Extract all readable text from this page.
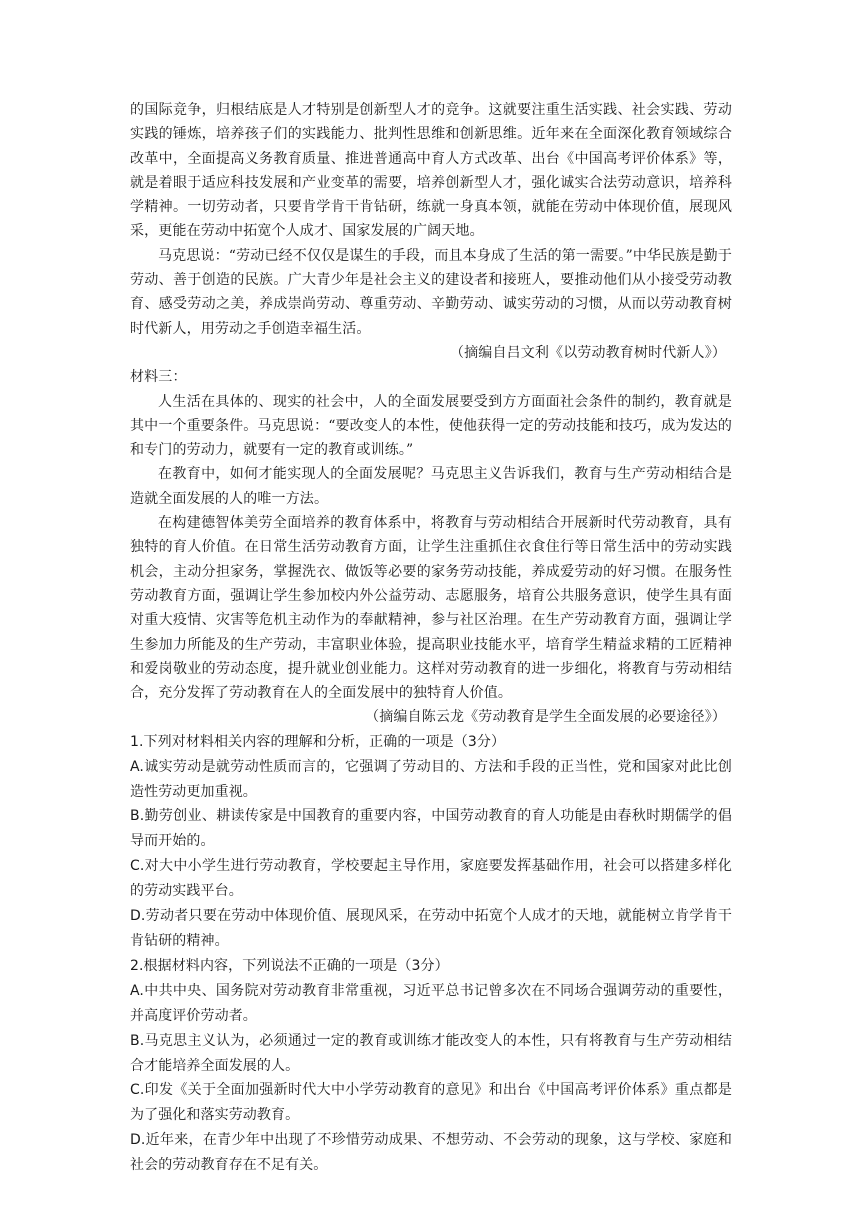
的国际竞争，归根结底是人才特别是创新型人才的竞争。这就要注重生活实践、社会实践、劳动实践的锤炼，培养孩子们的实践能力、批判性思维和创新思维。近年来在全面深化教育领域综合改革中，全面提高义务教育质量、推进普通高中育人方式改革、出台《中国高考评价体系》等，就是着眼于适应科技发展和产业变革的需要，培养创新型人才，强化诚实合法劳动意识，培养科学精神。一切劳动者，只要肯学肯干肯钻研，练就一身真本领，就能在劳动中体现价值，展现风采，更能在劳动中拓宽个人成才、国家发展的广阔天地。

马克思说：“劳动已经不仅仅是谋生的手段，而且本身成了生活的第一需要。”中华民族是勤于劳动、善于创造的民族。广大青少年是社会主义的建设者和接班人，要推动他们从小接受劳动教育、感受劳动之美，养成崇尚劳动、尊重劳动、辛勤劳动、诚实劳动的习惯，从而以劳动教育树时代新人，用劳动之手创造幸福生活。

（摘编自吕文利《以劳动教育树时代新人》）

材料三：

人生活在具体的、现实的社会中，人的全面发展要受到方方面面社会条件的制约，教育就是其中一个重要条件。马克思说：“要改变人的本性，使他获得一定的劳动技能和技巧，成为发达的和专门的劳动力，就要有一定的教育或训练。”

在教育中，如何才能实现人的全面发展呢？马克思主义告诉我们，教育与生产劳动相结合是造就全面发展的人的唯一方法。

在构建德智体美劳全面培养的教育体系中，将教育与劳动相结合开展新时代劳动教育，具有独特的育人价值。在日常生活劳动教育方面，让学生注重抓住衣食住行等日常生活中的劳动实践机会，主动分担家务，掌握洗衣、做饭等必要的家务劳动技能，养成爱劳动的好习惯。在服务性劳动教育方面，强调让学生参加校内外公益劳动、志愿服务，培育公共服务意识，使学生具有面对重大疫情、灾害等危机主动作为的奉献精神，参与社区治理。在生产劳动教育方面，强调让学生参加力所能及的生产劳动，丰富职业体验，提高职业技能水平，培育学生精益求精的工匠精神和爱岗敬业的劳动态度，提升就业创业能力。这样对劳动教育的进一步细化，将教育与劳动相结合，充分发挥了劳动教育在人的全面发展中的独特育人价值。

（摘编自陈云龙《劳动教育是学生全面发展的必要途径》）

1.下列对材料相关内容的理解和分析，正确的一项是（3分）

A.诚实劳动是就劳动性质而言的，它强调了劳动目的、方法和手段的正当性，党和国家对此比创造性劳动更加重视。

B.勤劳创业、耕读传家是中国教育的重要内容，中国劳动教育的育人功能是由春秋时期儒学的倡导而开始的。

C.对大中小学生进行劳动教育，学校要起主导作用，家庭要发挥基础作用，社会可以搭建多样化的劳动实践平台。

D.劳动者只要在劳动中体现价值、展现风采，在劳动中拓宽个人成才的天地，就能树立肯学肯干肯钻研的精神。

2.根据材料内容，下列说法不正确的一项是（3分）

A.中共中央、国务院对劳动教育非常重视，习近平总书记曾多次在不同场合强调劳动的重要性，并高度评价劳动者。

B.马克思主义认为，必须通过一定的教育或训练才能改变人的本性，只有将教育与生产劳动相结合才能培养全面发展的人。

C.印发《关于全面加强新时代大中小学劳动教育的意见》和出台《中国高考评价体系》重点都是为了强化和落实劳动教育。

D.近年来，在青少年中出现了不珍惜劳动成果、不想劳动、不会劳动的现象，这与学校、家庭和社会的劳动教育存在不足有关。
